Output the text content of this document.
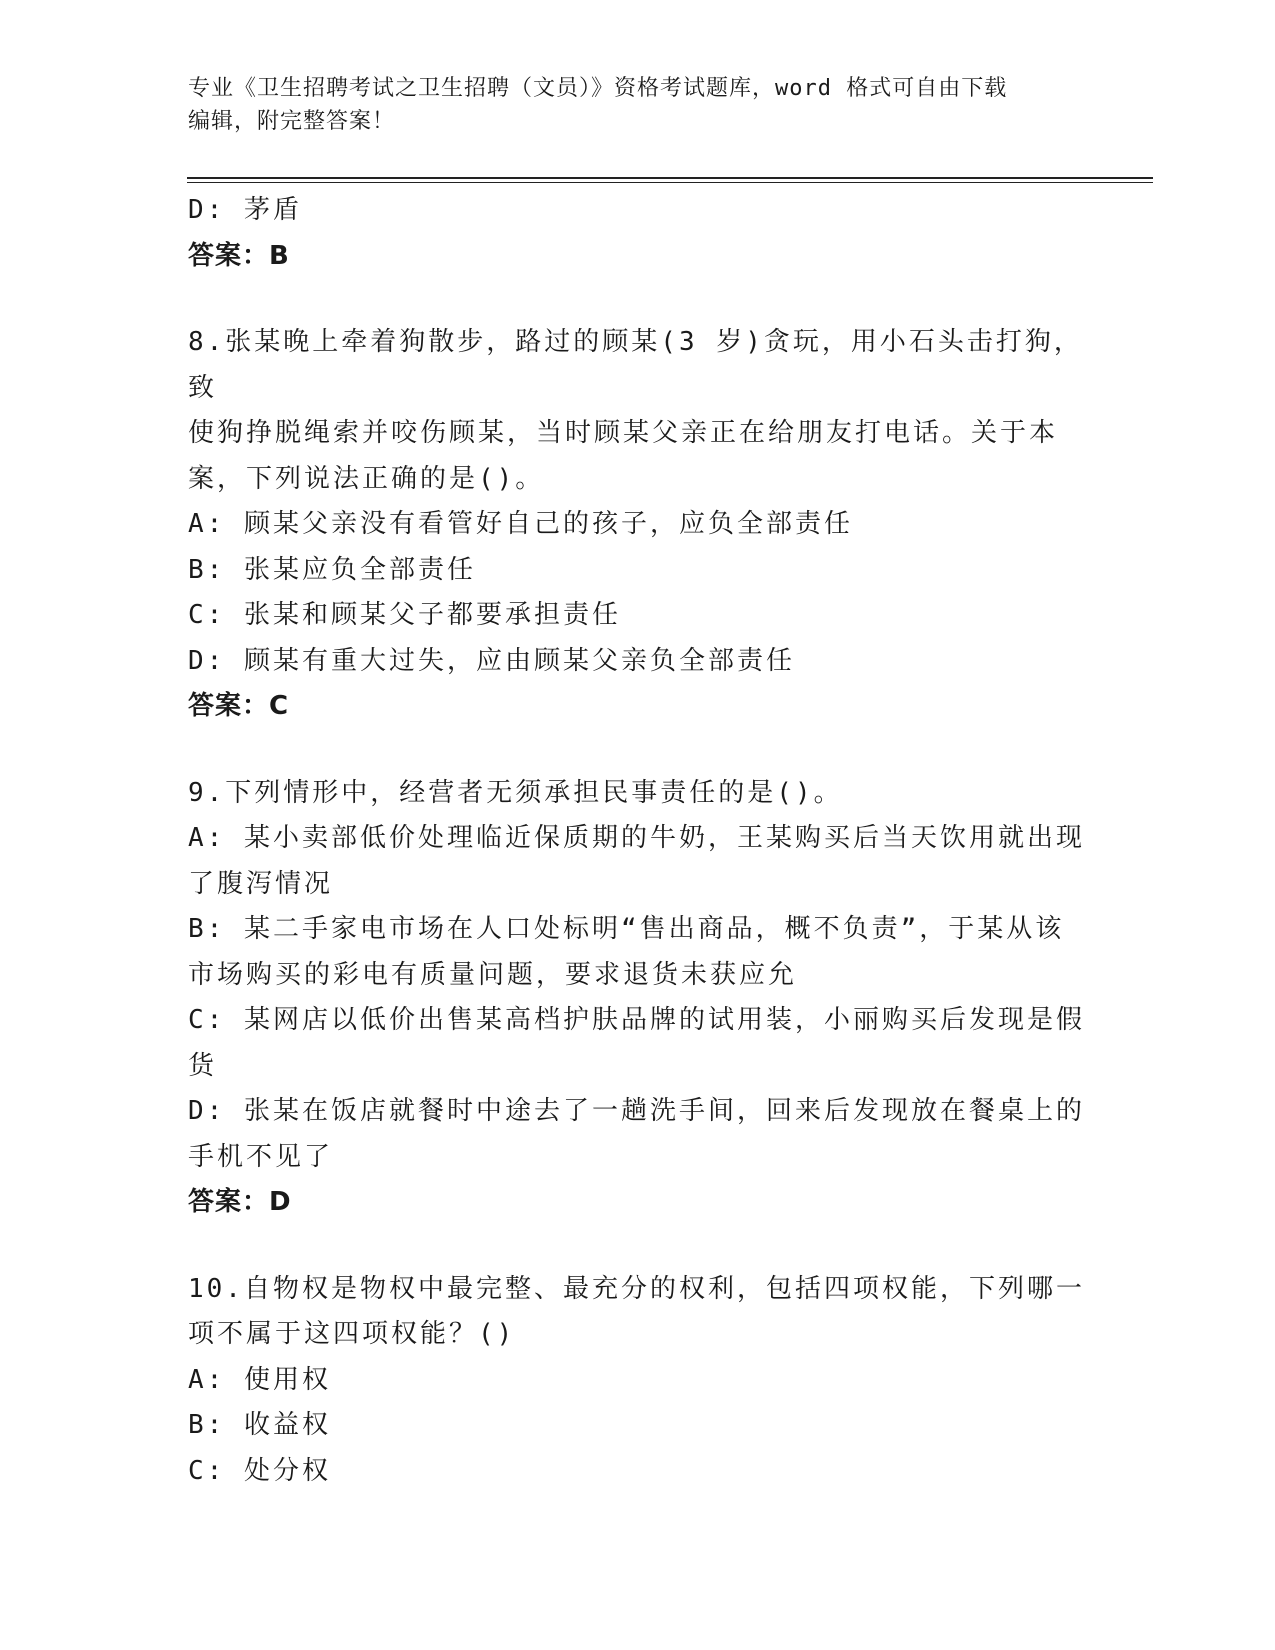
专业《卫生招聘考试之卫生招聘（文员）》资格考试题库，word 格式可自由下载
编辑，附完整答案！
D: 茅盾
答案：B
8.张某晚上牵着狗散步，路过的顾某(3 岁)贪玩，用小石头击打狗，致
使狗挣脱绳索并咬伤顾某，当时顾某父亲正在给朋友打电话。关于本
案，下列说法正确的是()。
A: 顾某父亲没有看管好自己的孩子，应负全部责任
B: 张某应负全部责任
C: 张某和顾某父子都要承担责任
D: 顾某有重大过失，应由顾某父亲负全部责任
答案：C
9.下列情形中，经营者无须承担民事责任的是()。
A: 某小卖部低价处理临近保质期的牛奶，王某购买后当天饮用就出现
了腹泻情况
B: 某二手家电市场在人口处标明“售出商品，概不负责”，于某从该
市场购买的彩电有质量问题，要求退货未获应允
C: 某网店以低价出售某高档护肤品牌的试用装，小丽购买后发现是假
货
D: 张某在饭店就餐时中途去了一趟洗手间，回来后发现放在餐桌上的
手机不见了
答案：D
10.自物权是物权中最完整、最充分的权利，包括四项权能，下列哪一
项不属于这四项权能？()
A: 使用权
B: 收益权
C: 处分权
